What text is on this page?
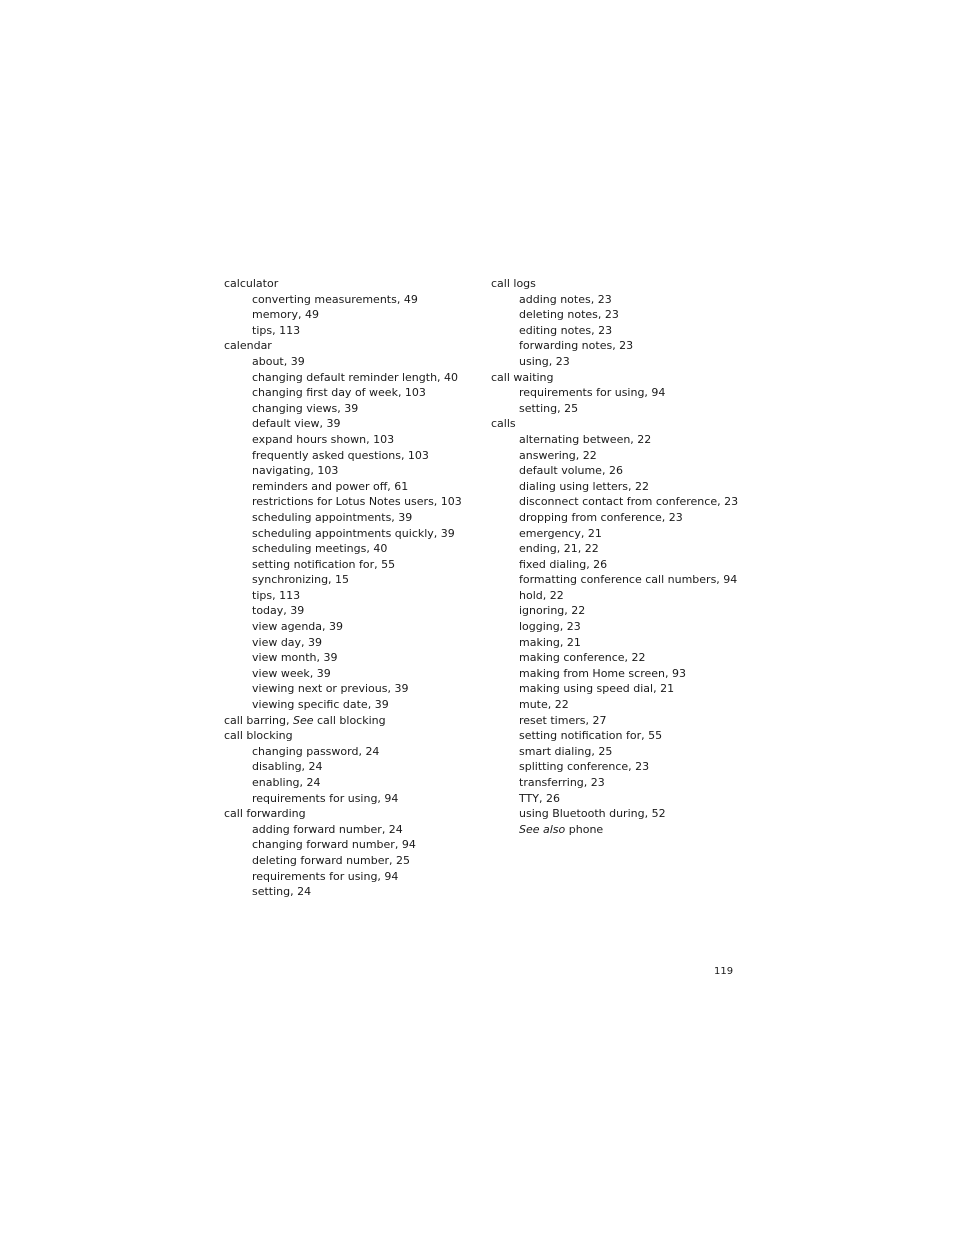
calculator
converting measurements, 49
memory, 49
tips, 113
calendar
about, 39
changing default reminder length, 40
changing first day of week, 103
changing views, 39
default view, 39
expand hours shown, 103
frequently asked questions, 103
navigating, 103
reminders and power off, 61
restrictions for Lotus Notes users, 103
scheduling appointments, 39
scheduling appointments quickly, 39
scheduling meetings, 40
setting notification for, 55
synchronizing, 15
tips, 113
today, 39
view agenda, 39
view day, 39
view month, 39
view week, 39
viewing next or previous, 39
viewing specific date, 39
call barring, See call blocking
call blocking
changing password, 24
disabling, 24
enabling, 24
requirements for using, 94
call forwarding
adding forward number, 24
changing forward number, 94
deleting forward number, 25
requirements for using, 94
setting, 24
call logs
adding notes, 23
deleting notes, 23
editing notes, 23
forwarding notes, 23
using, 23
call waiting
requirements for using, 94
setting, 25
calls
alternating between, 22
answering, 22
default volume, 26
dialing using letters, 22
disconnect contact from conference, 23
dropping from conference, 23
emergency, 21
ending, 21, 22
fixed dialing, 26
formatting conference call numbers, 94
hold, 22
ignoring, 22
logging, 23
making, 21
making conference, 22
making from Home screen, 93
making using speed dial, 21
mute, 22
reset timers, 27
setting notification for, 55
smart dialing, 25
splitting conference, 23
transferring, 23
TTY, 26
using Bluetooth during, 52
See also phone
119
